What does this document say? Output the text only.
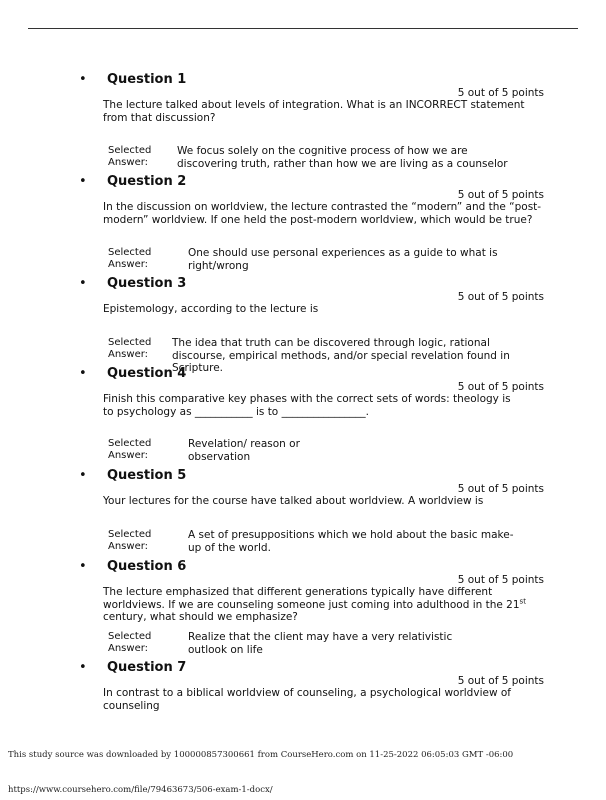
• Question 1
5 out of 5 points
The lecture talked about levels of integration. What is an INCORRECT statement from that discussion?
Selected
Answer:
We focus solely on the cognitive process of how we are discovering truth, rather than how we are living as a counselor
• Question 2
5 out of 5 points
In the discussion on worldview, the lecture contrasted the “modern” and the “post-modern” worldview. If one held the post-modern worldview, which would be true?
Selected
Answer:
One should use personal experiences as a guide to what is right/wrong
• Question 3
5 out of 5 points
Epistemology, according to the lecture is
Selected
Answer:
The idea that truth can be discovered through logic, rational discourse, empirical methods, and/or special revelation found in Scripture.
• Question 4
5 out of 5 points
Finish this comparative key phases with the correct sets of words: theology is to psychology as ___________ is to ________________.
Selected
Answer:
Revelation/ reason or observation
• Question 5
5 out of 5 points
Your lectures for the course have talked about worldview. A worldview is
Selected
Answer:
A set of presuppositions which we hold about the basic make-up of the world.
• Question 6
5 out of 5 points
The lecture emphasized that different generations typically have different worldviews. If we are counseling someone just coming into adulthood in the 21st century, what should we emphasize?
Selected
Answer:
Realize that the client may have a very relativistic outlook on life
• Question 7
5 out of 5 points
In contrast to a biblical worldview of counseling, a psychological worldview of counseling
This study source was downloaded by 100000857300661 from CourseHero.com on 11-25-2022 06:05:03 GMT -06:00
https://www.coursehero.com/file/79463673/506-exam-1-docx/
